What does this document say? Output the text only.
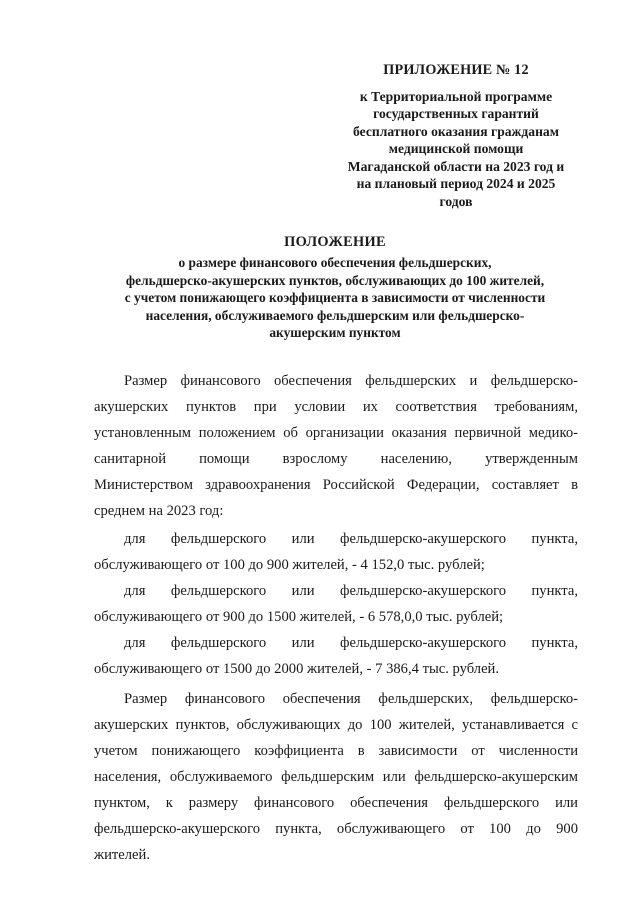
ПРИЛОЖЕНИЕ № 12
к Территориальной программе
государственных гарантий
бесплатного оказания гражданам
медицинской помощи
Магаданской области на 2023 год и
на плановый период 2024 и 2025
годов
ПОЛОЖЕНИЕ
о размере финансового обеспечения фельдшерских,
фельдшерско-акушерских пунктов, обслуживающих до 100 жителей,
с учетом понижающего коэффициента в зависимости от численности
населения, обслуживаемого фельдшерским или фельдшерско-
акушерским пунктом
Размер финансового обеспечения фельдшерских и фельдшерско-
акушерских пунктов при условии их соответствия требованиям,
установленным положением об организации оказания первичной медико-
санитарной помощи взрослому населению, утвержденным
Министерством здравоохранения Российской Федерации, составляет в
среднем на 2023 год:
для фельдшерского или фельдшерско-акушерского пункта,
обслуживающего от 100 до 900 жителей, - 4 152,0 тыс. рублей;
для фельдшерского или фельдшерско-акушерского пункта,
обслуживающего от 900 до 1500 жителей, - 6 578,0,0 тыс. рублей;
для фельдшерского или фельдшерско-акушерского пункта,
обслуживающего от 1500 до 2000 жителей, - 7 386,4 тыс. рублей.
Размер финансового обеспечения фельдшерских, фельдшерско-
акушерских пунктов, обслуживающих до 100 жителей, устанавливается с
учетом понижающего коэффициента в зависимости от численности
населения, обслуживаемого фельдшерским или фельдшерско-акушерским
пунктом, к размеру финансового обеспечения фельдшерского или
фельдшерско-акушерского пункта, обслуживающего от 100 до 900
жителей.
